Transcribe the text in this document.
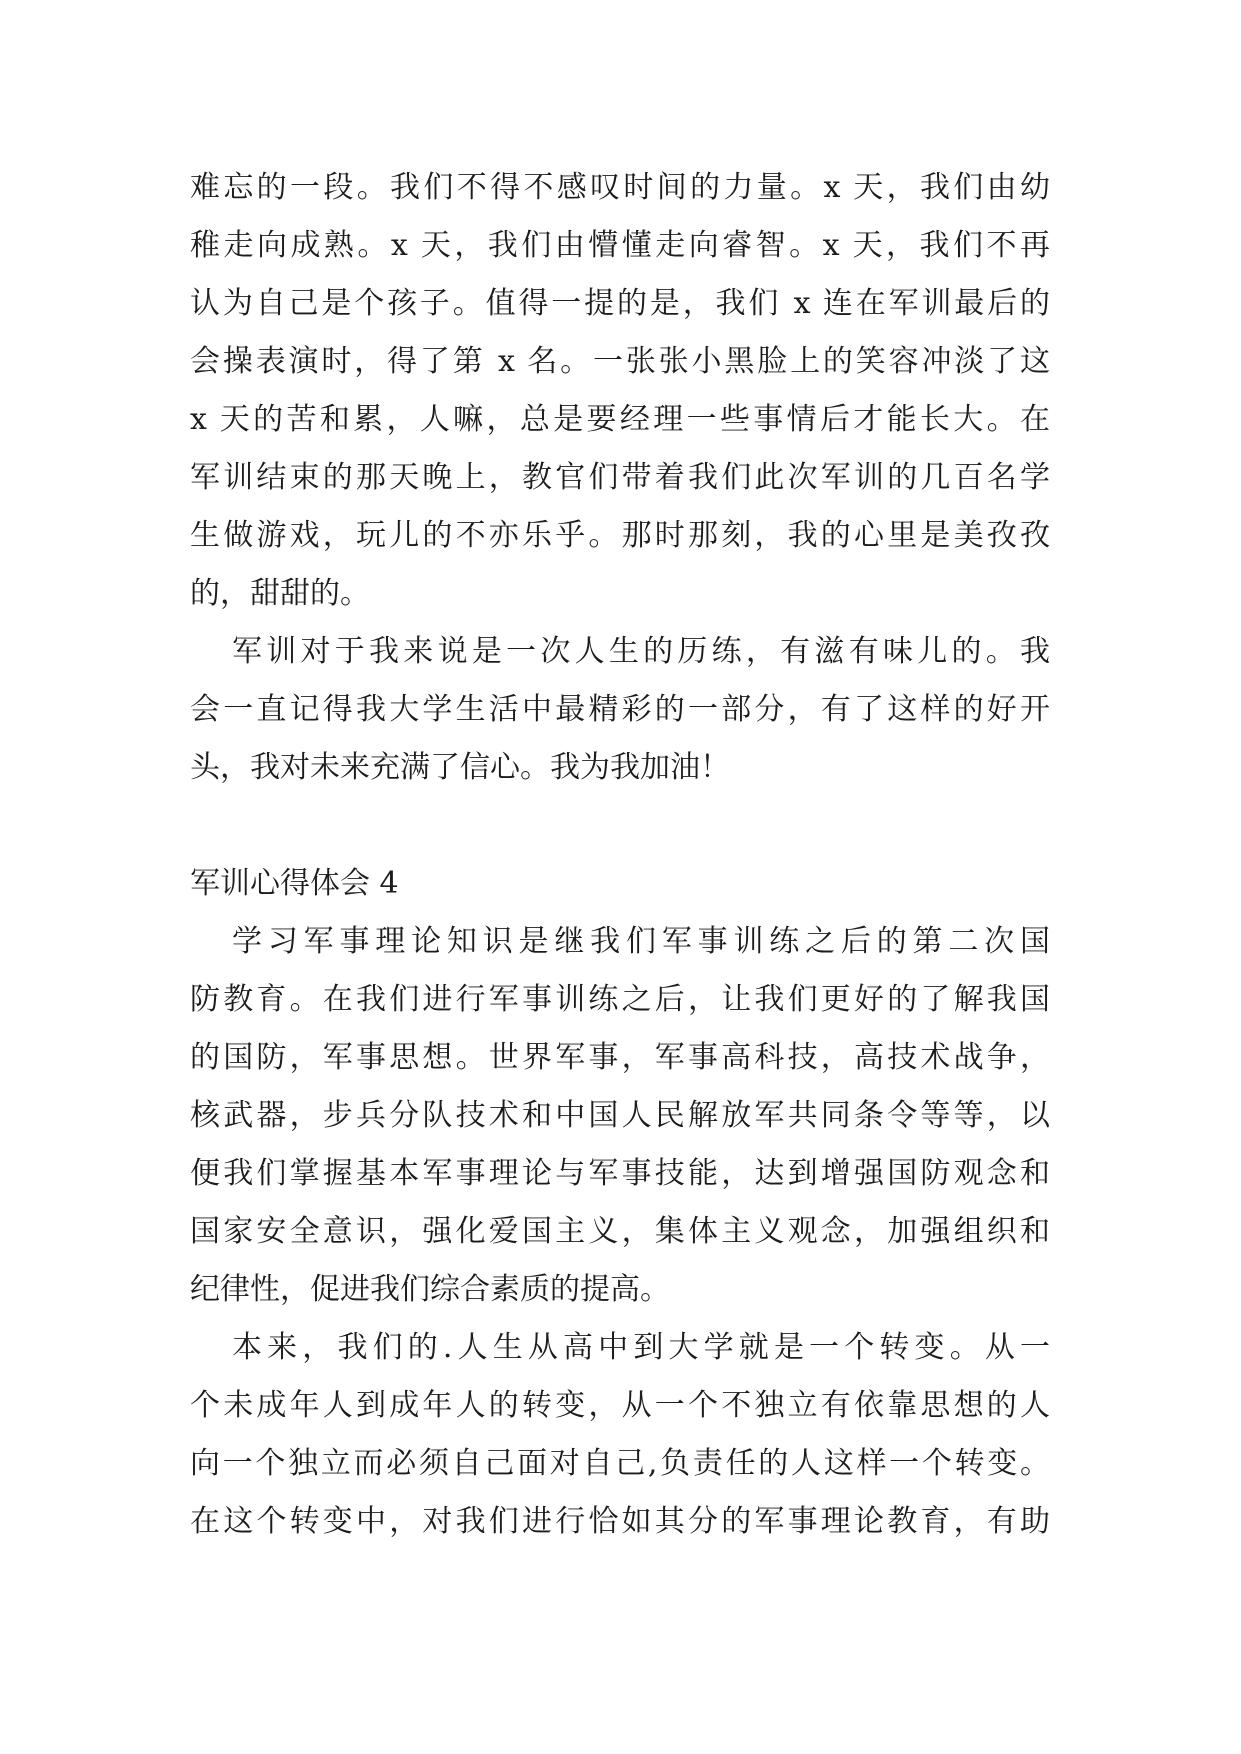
难忘的一段。我们不得不感叹时间的力量。x 天，我们由幼
稚走向成熟。x 天，我们由懵懂走向睿智。x 天，我们不再
认为自己是个孩子。值得一提的是，我们 x 连在军训最后的
会操表演时，得了第 x 名。一张张小黑脸上的笑容冲淡了这
x 天的苦和累，人嘛，总是要经理一些事情后才能长大。在
军训结束的那天晚上，教官们带着我们此次军训的几百名学
生做游戏，玩儿的不亦乐乎。那时那刻，我的心里是美孜孜
的，甜甜的。
军训对于我来说是一次人生的历练，有滋有味儿的。我
会一直记得我大学生活中最精彩的一部分，有了这样的好开
头，我对未来充满了信心。我为我加油！
军训心得体会 4
学习军事理论知识是继我们军事训练之后的第二次国
防教育。在我们进行军事训练之后，让我们更好的了解我国
的国防，军事思想。世界军事，军事高科技，高技术战争，
核武器，步兵分队技术和中国人民解放军共同条令等等，以
便我们掌握基本军事理论与军事技能，达到增强国防观念和
国家安全意识，强化爱国主义，集体主义观念，加强组织和
纪律性，促进我们综合素质的提高。
本来，我们的.人生从高中到大学就是一个转变。从一
个未成年人到成年人的转变，从一个不独立有依靠思想的人
向一个独立而必须自己面对自己,负责任的人这样一个转变。
在这个转变中，对我们进行恰如其分的军事理论教育，有助
